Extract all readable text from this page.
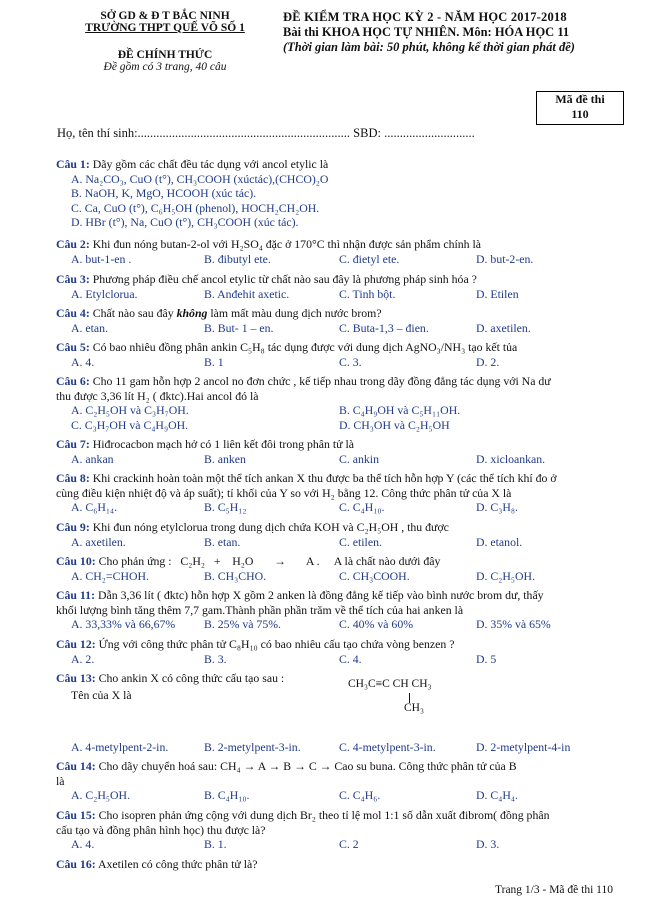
SỞ GD & Đ T BẮC NINH
TRƯỜNG THPT QUẾ VÕ SỐ 1
ĐỀ CHÍNH THỨC
Đề gồm có 3 trang, 40 câu
ĐỀ KIỂM TRA HỌC KỲ 2 - NĂM HỌC 2017-2018
Bài thi KHOA HỌC TỰ NHIÊN. Môn: HÓA HỌC 11
(Thời gian làm bài: 50 phút, không kể thời gian phát đề)
Mã đề thi
110
Họ, tên thí sinh:.................................................................... SBD: .............................
Câu 1: Dãy gồm các chất đều tác dụng với ancol etylic là
A. Na₂CO₃, CuO (t°), CH₃COOH (xúctác),(CHCO)₂O
B. NaOH, K, MgO, HCOOH (xúc tác).
C. Ca, CuO (t°), C₆H₅OH (phenol), HOCH₂CH₂OH.
D. HBr (t°), Na, CuO (t°), CH₃COOH (xúc tác).
Câu 2: Khi đun nóng butan-2-ol với H₂SO₄ đặc ở 170°C thì nhận được sản phẩm chính là
A. but-1-en .	B. đibutyl ete.	C. đietyl ete.	D. but-2-en.
Câu 3: Phương pháp điều chế ancol etylic từ chất nào sau đây là phương pháp sinh hóa ?
A. Etylclorua.	B. Anđehit axetic.	C. Tinh bột.	D. Etilen
Câu 4: Chất nào sau đây không làm mất màu dung dịch nước brom?
A. etan.	B. But- 1 – en.	C. Buta-1,3 – đien.	D. axetilen.
Câu 5: Có bao nhiêu đồng phân ankin C₅H₈ tác dụng được với dung dịch AgNO₃/NH₃ tạo kết tủa
A. 4.	B. 1	C. 3.	D. 2.
Câu 6: Cho 11 gam hỗn hợp 2 ancol no đơn chức , kế tiếp nhau trong dãy đồng đẳng tác dụng với Na dư
thu được 3,36 lít H₂ ( đktc).Hai ancol đó là
A. C₂H₅OH và C₃H₇OH.	B. C₄H₉OH và C₅H₁₁OH.
C. C₃H₇OH và C₄H₉OH.	D. CH₃OH và C₂H₅OH
Câu 7: Hiđrocacbon mạch hở có 1 liên kết đôi trong phân tử là
A. ankan	B. anken	C. ankin	D. xicloankan.
Câu 8: Khi crackinh hoàn toàn một thể tích ankan X thu được ba thể tích hỗn hợp Y (các thể tích khí đo ở
cùng điều kiện nhiệt độ và áp suất); tỉ khối của Y so với H₂ bằng 12. Công thức phân tử của X là
A. C₆H₁₄.	B. C₅H₁₂	C. C₄H₁₀.	D. C₃H₈.
Câu 9: Khi đun nóng etylclorua trong dung dịch chứa KOH và C₂H₅OH , thu được
A. axetilen.	B. etan.	C. etilen.	D. etanol.
Câu 10: Cho phản ứng :   C₂H₂   +    H₂O       →       A .     A là chất nào dưới đây
A. CH₂=CHOH.	B. CH₃CHO.	C. CH₃COOH.	D. C₂H₅OH.
Câu 11: Dẫn 3,36 lít ( đktc) hỗn hợp X gồm 2 anken là đồng đẳng kế tiếp vào bình nước brom dư, thấy
khối lượng bình tăng thêm 7,7 gam.Thành phần phần trăm về thể tích của hai anken là
A. 33,33% và 66,67% B. 25% và 75%.	C. 40% và 60%	D. 35% và 65%
Câu 12: Ứng với công thức phân tử C₈H₁₀ có bao nhiêu cấu tạo chứa vòng benzen ?
A. 2.	B. 3.	C. 4.	D. 5
Câu 13: Cho ankin X có công thức cấu tạo sau :
Tên của X là
CH₃C≡C CH CH₃
CH₃
A. 4-metylpent-2-in.	B. 2-metylpent-3-in.	C. 4-metylpent-3-in.	D. 2-metylpent-4-in
Câu 14: Cho dãy chuyển hoá sau: CH₄ → A → B → C → Cao su buna. Công thức phân tử của B
là
A. C₂H₅OH.	B. C₄H₁₀.	C. C₄H₆.	D. C₄H₄.
Câu 15: Cho isopren phản ứng cộng với dung dịch Br₂ theo tỉ lệ mol 1:1 số dẫn xuất đibrom( đồng phân
cấu tạo và đồng phân hình học) thu được là?
A. 4.	B. 1.	C. 2	D. 3.
Câu 16: Axetilen có công thức phân tử là?
Trang 1/3 - Mã đề thi 110
